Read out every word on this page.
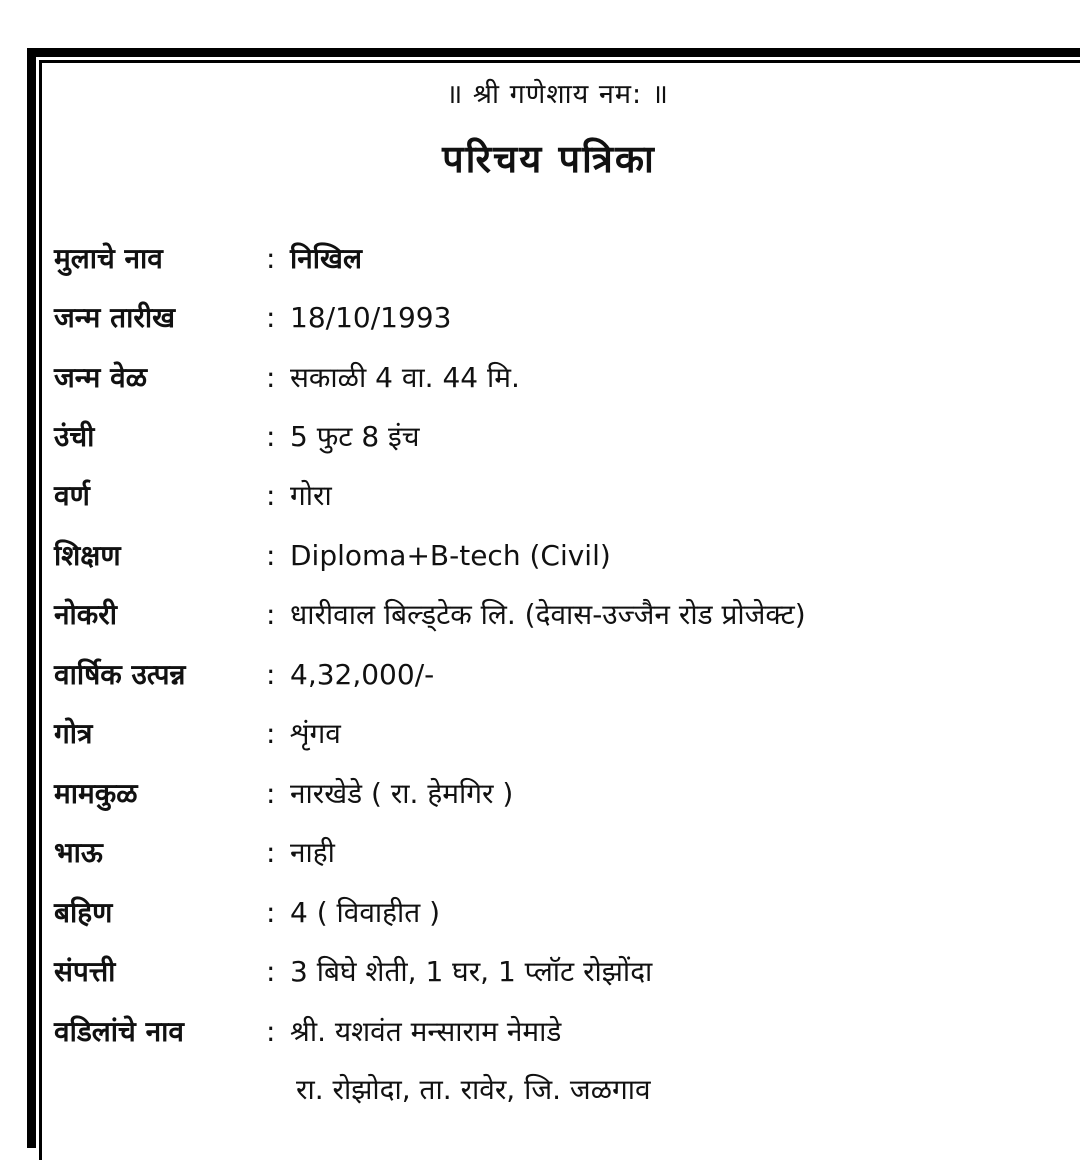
॥ श्री गणेशाय नम: ॥
परिचय पत्रिका
मुलाचे नाव	: निखिल
जन्म तारीख	: 18/10/1993
जन्म वेळ	: सकाळी 4 वा. 44 मि.
उंची	: 5 फुट 8 इंच
वर्ण	: गोरा
शिक्षण	: Diploma+B-tech (Civil)
नोकरी	: धारीवाल बिल्ड्टेक लि. (देवास-उज्जैन रोड प्रोजेक्ट)
वार्षिक उत्पन्न	: 4,32,000/-
गोत्र	: शृंगव
मामकुळ	: नारखेडे ( रा. हेमगिर )
भाऊ	: नाही
बहिण	: 4 ( विवाहीत )
संपत्ती	: 3 बिघे शेती, 1 घर, 1 प्लॉट रोझोंदा
वडिलांचे नाव	: श्री. यशवंत मन्साराम नेमाडे
रा. रोझोदा, ता. रावेर, जि. जळगाव
